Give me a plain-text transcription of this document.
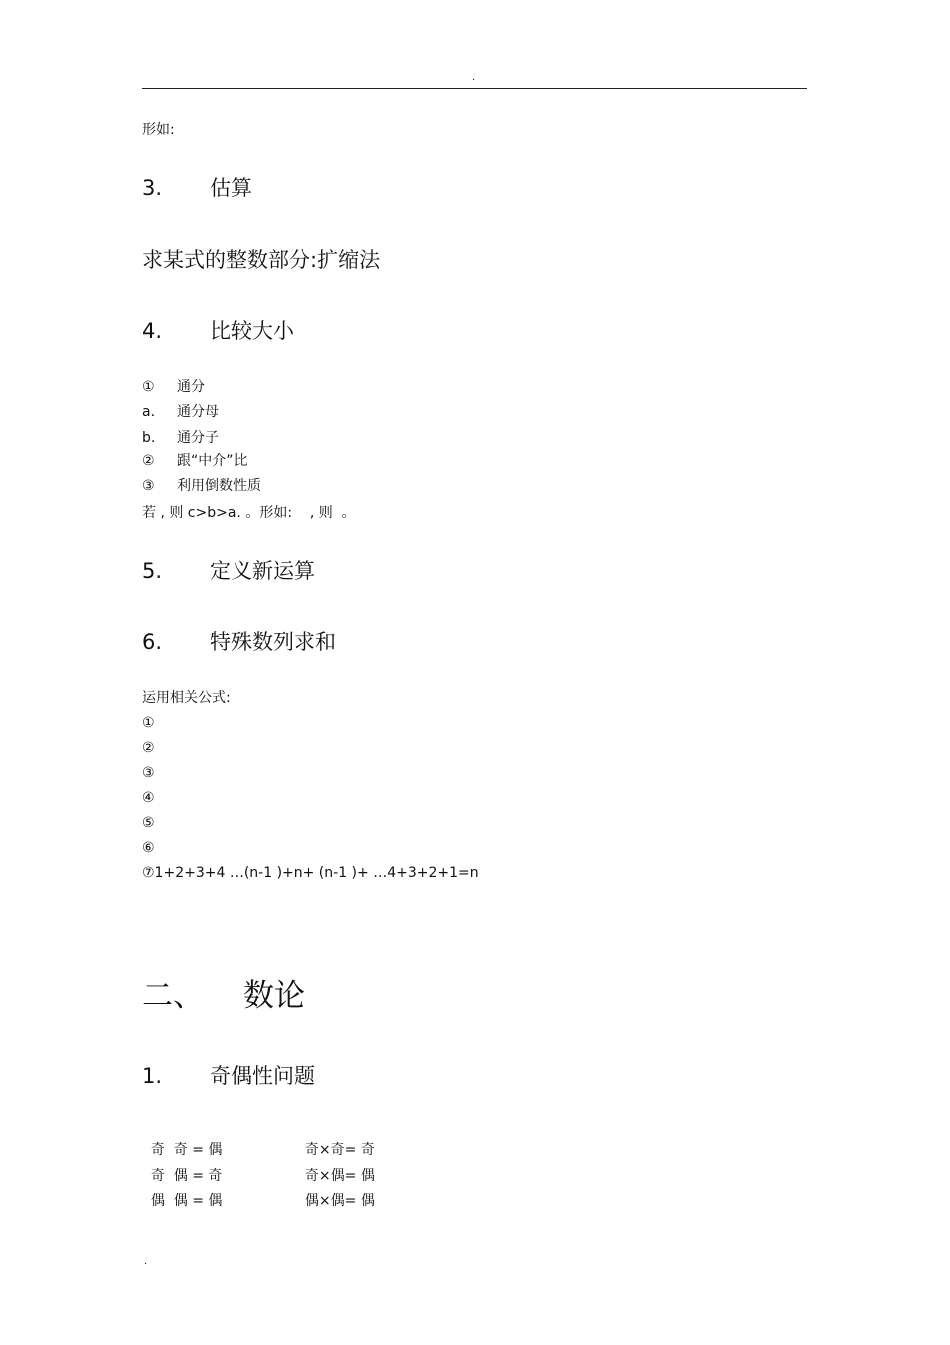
.
形如:
3. 估算
求某式的整数部分:扩缩法
4. 比较大小
① 通分
a. 通分母
b. 通分子
② 跟“中介”比
③ 利用倒数性质
若 , 则 c>b>a. 。形如:    , 则  。
5. 定义新运算
6. 特殊数列求和
运用相关公式:
①
②
③
④
⑤
⑥
⑦1+2+3+4 …(n-1 )+n+ (n-1 )+ …4+3+2+1=n
二、 数论
1. 奇偶性问题

奇  奇 = 偶	奇×奇= 奇

奇  偶 = 奇	奇×偶= 偶

偶  偶 = 偶	偶×偶= 偶

.
